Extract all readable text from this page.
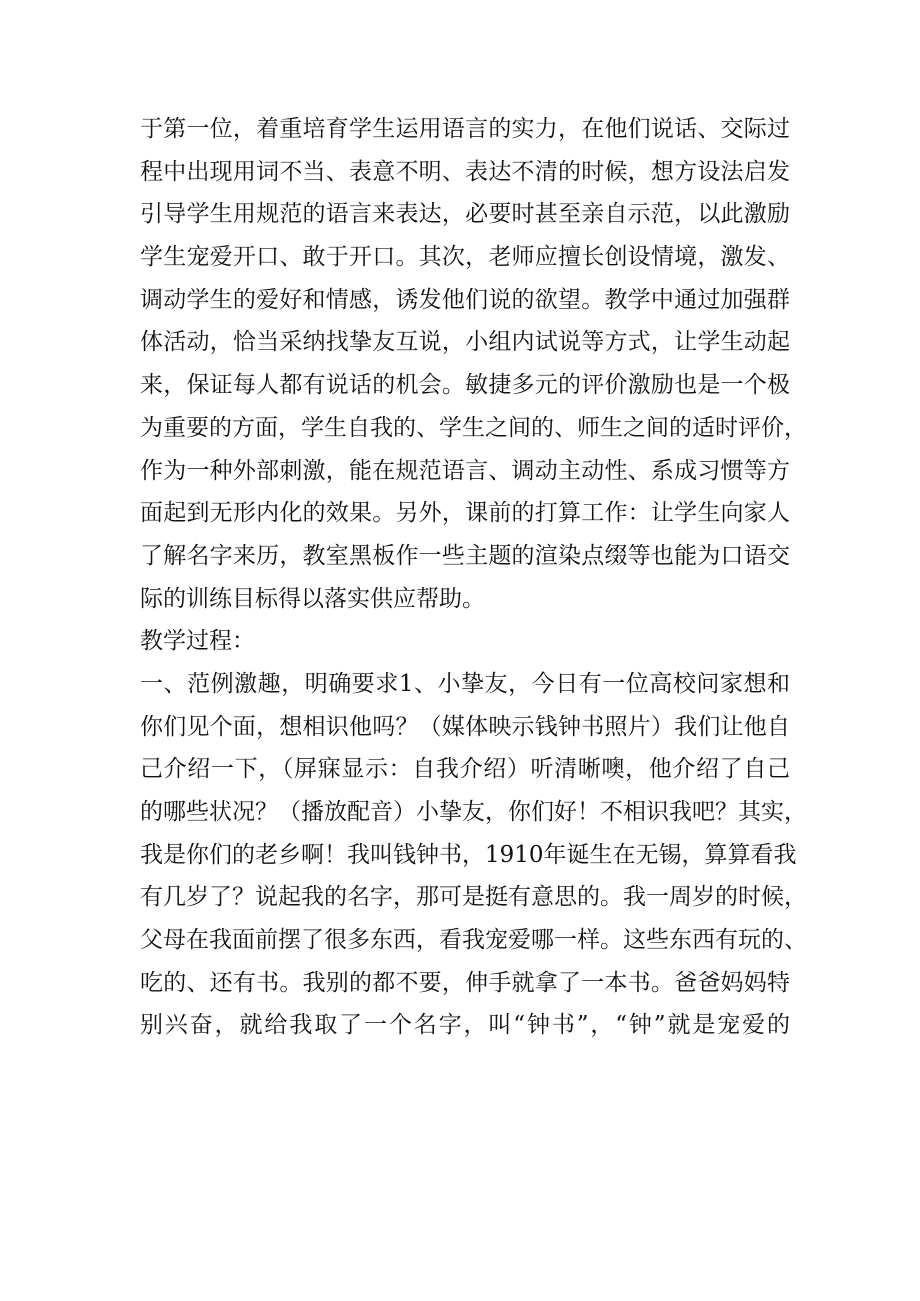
于第一位，着重培育学生运用语言的实力，在他们说话、交际过
程中出现用词不当、表意不明、表达不清的时候，想方设法启发
引导学生用规范的语言来表达，必要时甚至亲自示范，以此激励
学生宠爱开口、敢于开口。其次，老师应擅长创设情境，激发、
调动学生的爱好和情感，诱发他们说的欲望。教学中通过加强群
体活动，恰当采纳找挚友互说，小组内试说等方式，让学生动起
来，保证每人都有说话的机会。敏捷多元的评价激励也是一个极
为重要的方面，学生自我的、学生之间的、师生之间的适时评价，
作为一种外部刺激，能在规范语言、调动主动性、系成习惯等方
面起到无形内化的效果。另外，课前的打算工作：让学生向家人
了解名字来历，教室黑板作一些主题的渲染点缀等也能为口语交
际的训练目标得以落实供应帮助。
教学过程：
一、范例激趣，明确要求1、小挚友，今日有一位高校问家想和
你们见个面，想相识他吗？（媒体映示钱钟书照片）我们让他自
己介绍一下，（屏寐显示：自我介绍）听清晰噢，他介绍了自己
的哪些状况？（播放配音）小挚友，你们好！不相识我吧？其实，
我是你们的老乡啊！我叫钱钟书，1910年诞生在无锡，算算看我
有几岁了？说起我的名字，那可是挺有意思的。我一周岁的时候，
父母在我面前摆了很多东西，看我宠爱哪一样。这些东西有玩的、
吃的、还有书。我别的都不要，伸手就拿了一本书。爸爸妈妈特
别兴奋，就给我取了一个名字，叫“钟书”，“钟”就是宠爱的
